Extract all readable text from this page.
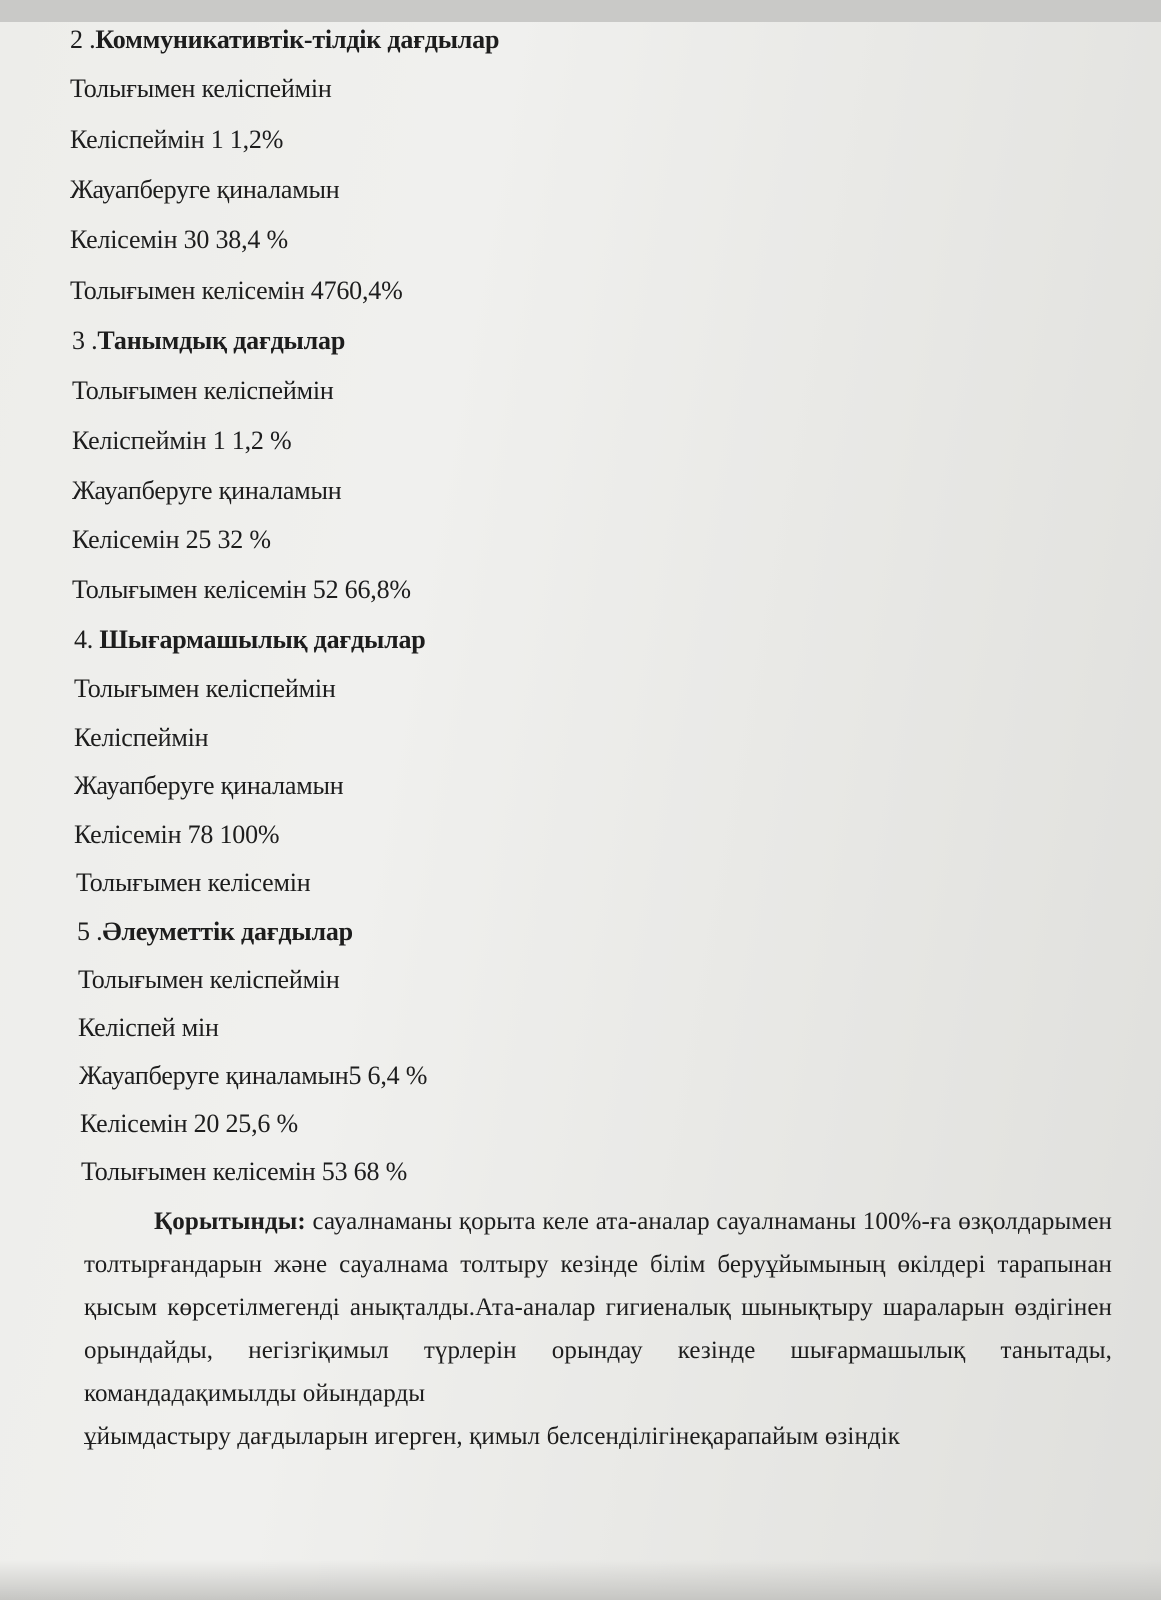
2 .Коммуникативтік-тілдік дағдылар
Толығымен келіспеймін
Келіспеймін 1 1,2%
Жауапберуге қиналамын
Келісемін 30 38,4 %
Толығымен келісемін 4760,4%
3 .Танымдық дағдылар
Толығымен келіспеймін
Келіспеймін 1 1,2 %
Жауапберуге қиналамын
Келісемін 25 32 %
Толығымен келісемін 52 66,8%
4. Шығармашылық дағдылар
Толығымен келіспеймін
Келіспеймін
Жауапберуге қиналамын
Келісемін 78 100%
Толығымен келісемін
5 .Әлеуметтік дағдылар
Толығымен келіспеймін
Келіспей мін
Жауапберуге қиналамын5 6,4 %
Келісемін 20 25,6 %
Толығымен келісемін 53 68 %
Қорытынды: сауалнаманы қорыта келе ата-аналар сауалнаманы 100%-ға өзқолдарымен толтырғандарын және сауалнама толтыру кезінде білім беруұйымының өкілдері тарапынан қысым көрсетілмегенді анықталды.Ата-аналар гигиеналық шынықтыру шараларын өздігінен орындайды, негізгіқимыл түрлерін орындау кезінде шығармашылық танытады, командадақимылды ойындарды
ұйымдастыру дағдыларын игерген, қимыл белсенділігінеқарапайым өзіндік
